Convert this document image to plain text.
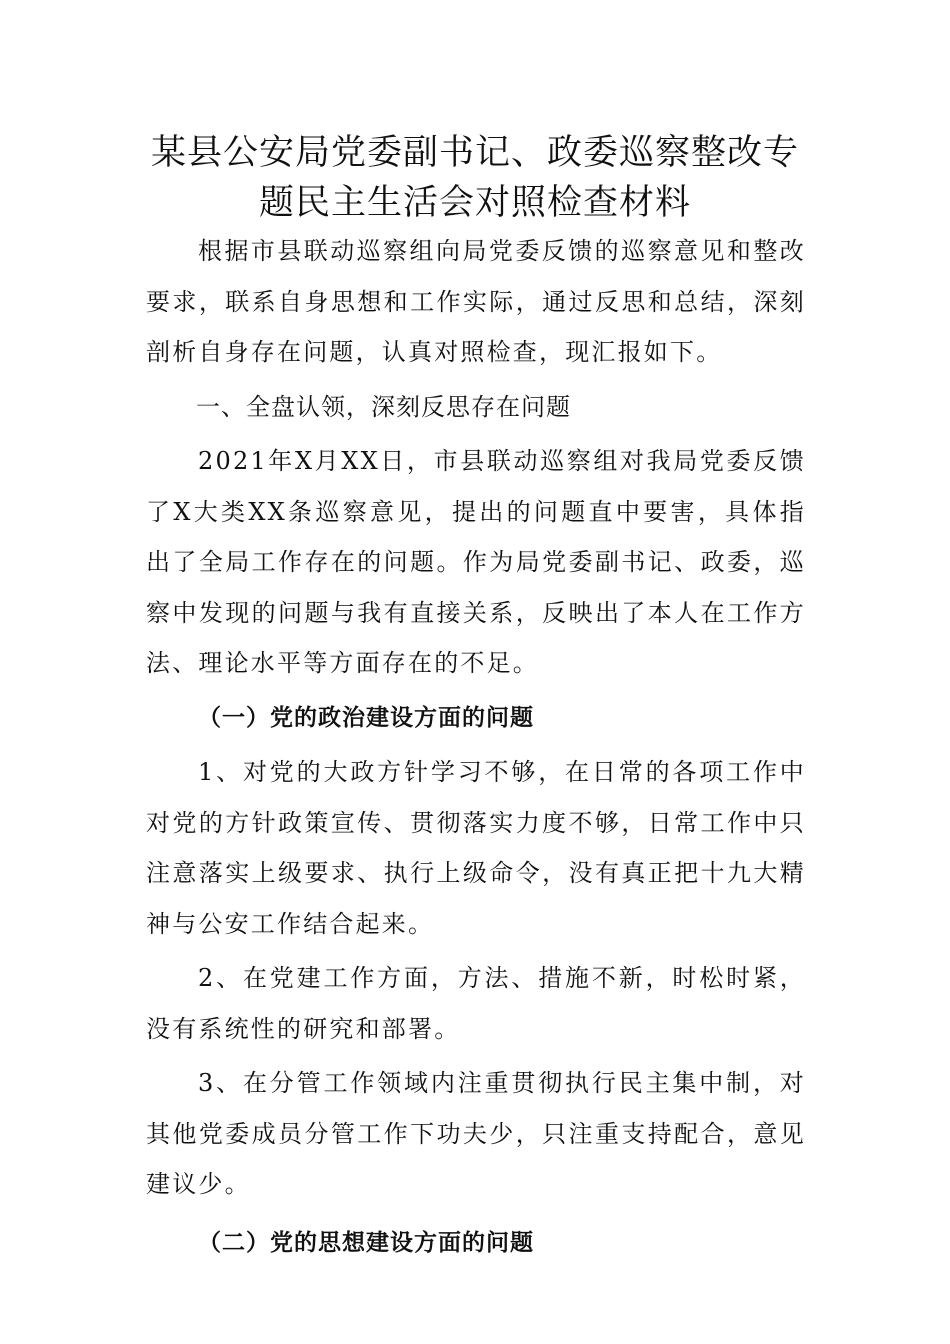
某县公安局党委副书记、政委巡察整改专
题民主生活会对照检查材料

根据市县联动巡察组向局党委反馈的巡察意见和整改要求，联系自身思想和工作实际，通过反思和总结，深刻剖析自身存在问题，认真对照检查，现汇报如下。

一、全盘认领，深刻反思存在问题

2021年X月XX日，市县联动巡察组对我局党委反馈了X大类XX条巡察意见，提出的问题直中要害，具体指出了全局工作存在的问题。作为局党委副书记、政委，巡察中发现的问题与我有直接关系，反映出了本人在工作方法、理论水平等方面存在的不足。

（一）党的政治建设方面的问题

1、对党的大政方针学习不够，在日常的各项工作中对党的方针政策宣传、贯彻落实力度不够，日常工作中只注意落实上级要求、执行上级命令，没有真正把十九大精神与公安工作结合起来。

2、在党建工作方面，方法、措施不新，时松时紧，没有系统性的研究和部署。

3、在分管工作领域内注重贯彻执行民主集中制，对其他党委成员分管工作下功夫少，只注重支持配合，意见建议少。

（二）党的思想建设方面的问题
